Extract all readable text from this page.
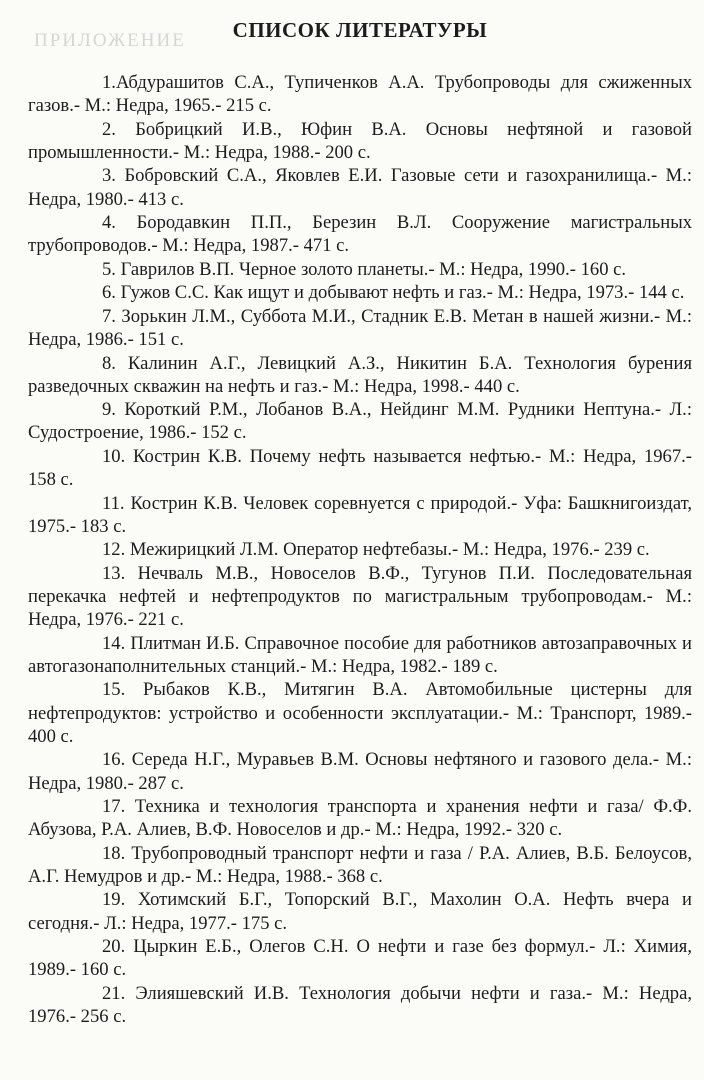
ПРИЛОЖЕНИЕ	СПИСОК ЛИТЕРАТУРЫ
1.Абдурашитов С.А., Тупиченков А.А. Трубопроводы для сжиженных газов.- М.: Недра, 1965.- 215 с.
2. Бобрицкий И.В., Юфин В.А. Основы нефтяной и газовой промышленности.- М.: Недра, 1988.- 200 с.
3. Бобровский С.А., Яковлев Е.И. Газовые сети и газохранилища.- М.: Недра, 1980.- 413 с.
4. Бородавкин П.П., Березин В.Л. Сооружение магистральных трубопроводов.- М.: Недра, 1987.- 471 с.
5. Гаврилов В.П. Черное золото планеты.- М.: Недра, 1990.- 160 с.
6. Гужов С.С. Как ищут и добывают нефть и газ.- М.: Недра, 1973.- 144 с.
7. Зорькин Л.М., Суббота М.И., Стадник Е.В. Метан в нашей жизни.- М.: Недра, 1986.- 151 с.
8. Калинин А.Г., Левицкий А.З., Никитин Б.А. Технология бурения разведочных скважин на нефть и газ.- М.: Недра, 1998.- 440 с.
9. Короткий Р.М., Лобанов В.А., Нейдинг М.М. Рудники Нептуна.- Л.: Судостроение, 1986.- 152 с.
10. Кострин К.В. Почему нефть называется нефтью.- М.: Недра, 1967.- 158 с.
11. Кострин К.В. Человек соревнуется с природой.- Уфа: Башкнигоиздат, 1975.- 183 с.
12. Межирицкий Л.М. Оператор нефтебазы.- М.: Недра, 1976.- 239 с.
13. Нечваль М.В., Новоселов В.Ф., Тугунов П.И. Последовательная перекачка нефтей и нефтепродуктов по магистральным трубопроводам.- М.: Недра, 1976.- 221 с.
14. Плитман И.Б. Справочное пособие для работников автозаправочных и автогазонаполнительных станций.- М.: Недра, 1982.- 189 с.
15. Рыбаков К.В., Митягин В.А. Автомобильные цистерны для нефтепродуктов: устройство и особенности эксплуатации.- М.: Транспорт, 1989.- 400 с.
16. Середа Н.Г., Муравьев В.М. Основы нефтяного и газового дела.- М.: Недра, 1980.- 287 с.
17. Техника и технология транспорта и хранения нефти и газа/ Ф.Ф. Абузова, Р.А. Алиев, В.Ф. Новоселов и др.- М.: Недра, 1992.- 320 с.
18. Трубопроводный транспорт нефти и газа / Р.А. Алиев, В.Б. Белоусов, А.Г. Немудров и др.- М.: Недра, 1988.- 368 с.
19. Хотимский Б.Г., Топорский В.Г., Махолин О.А. Нефть вчера и сегодня.- Л.: Недра, 1977.- 175 с.
20. Цыркин Е.Б., Олегов С.Н. О нефти и газе без формул.- Л.: Химия, 1989.- 160 с.
21. Элияшевский И.В. Технология добычи нефти и газа.- М.: Недра, 1976.- 256 с.
